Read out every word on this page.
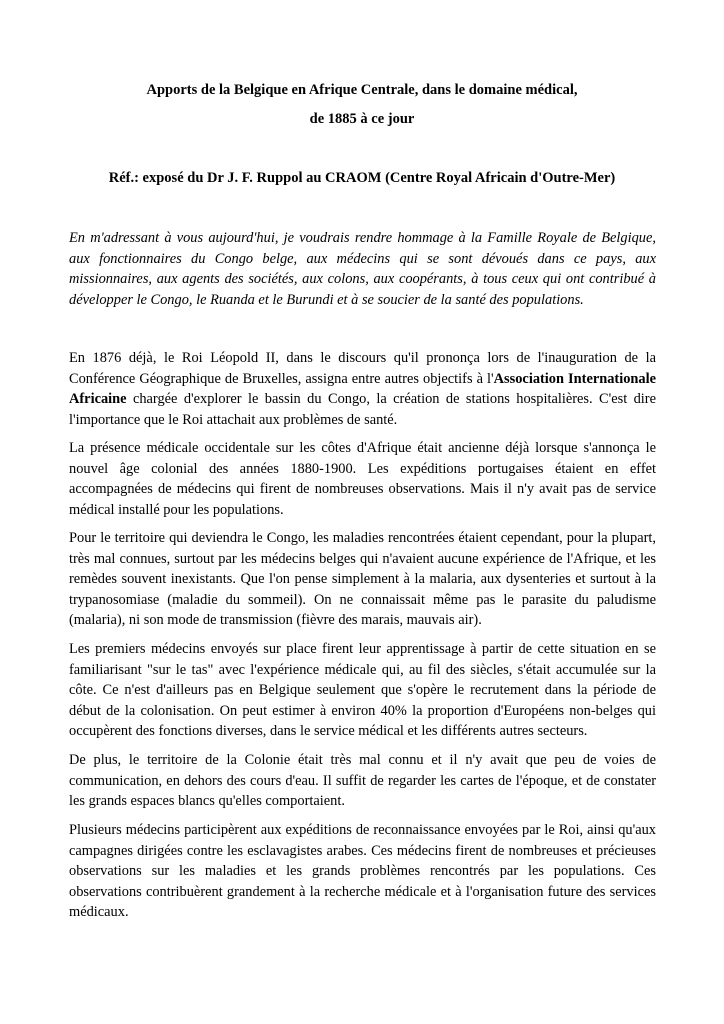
Apports de la Belgique en Afrique Centrale, dans le domaine médical,

de 1885 à ce jour

Réf.: exposé du Dr J. F. Ruppol au CRAOM (Centre Royal Africain d'Outre-Mer)

En m'adressant à vous aujourd'hui, je voudrais rendre hommage à la Famille Royale de Belgique, aux fonctionnaires du Congo belge, aux médecins qui se sont dévoués dans ce pays, aux missionnaires, aux agents des sociétés, aux colons, aux coopérants, à tous ceux qui ont contribué à développer le Congo, le Ruanda et le Burundi et à se soucier de la santé des populations.

En 1876 déjà, le Roi Léopold II, dans le discours qu'il prononça lors de l'inauguration de la Conférence Géographique de Bruxelles, assigna entre autres objectifs à l'Association Internationale Africaine chargée d'explorer le bassin du Congo, la création de stations hospitalières. C'est dire l'importance que le Roi attachait aux problèmes de santé.

La présence médicale occidentale sur les côtes d'Afrique était ancienne déjà lorsque s'annonça le nouvel âge colonial des années 1880-1900. Les expéditions portugaises étaient en effet accompagnées de médecins qui firent de nombreuses observations. Mais il n'y avait pas de service médical installé pour les populations.

Pour le territoire qui deviendra le Congo, les maladies rencontrées étaient cependant, pour la plupart, très mal connues, surtout par les médecins belges qui n'avaient aucune expérience de l'Afrique, et les remèdes souvent inexistants. Que l'on pense simplement à la malaria, aux dysenteries et surtout à la trypanosomiase (maladie du sommeil). On ne connaissait même pas le parasite du paludisme (malaria), ni son mode de transmission (fièvre des marais, mauvais air).

Les premiers médecins envoyés sur place firent leur apprentissage à partir de cette situation en se familiarisant "sur le tas" avec l'expérience médicale qui, au fil des siècles, s'était accumulée sur la côte. Ce n'est d'ailleurs pas en Belgique seulement que s'opère le recrutement dans la période de début de la colonisation. On peut estimer à environ 40% la proportion d'Européens non-belges qui occupèrent des fonctions diverses, dans le service médical et les différents autres secteurs.

De plus, le territoire de la Colonie était très mal connu et il n'y avait que peu de voies de communication, en dehors des cours d'eau. Il suffit de regarder les cartes de l'époque, et de constater les grands espaces blancs qu'elles comportaient.

Plusieurs médecins participèrent aux expéditions de reconnaissance envoyées par le Roi, ainsi qu'aux campagnes dirigées contre les esclavagistes arabes. Ces médecins firent de nombreuses et précieuses observations sur les maladies et les grands problèmes rencontrés par les populations. Ces observations contribuèrent grandement à la recherche médicale et à l'organisation future des services médicaux.
